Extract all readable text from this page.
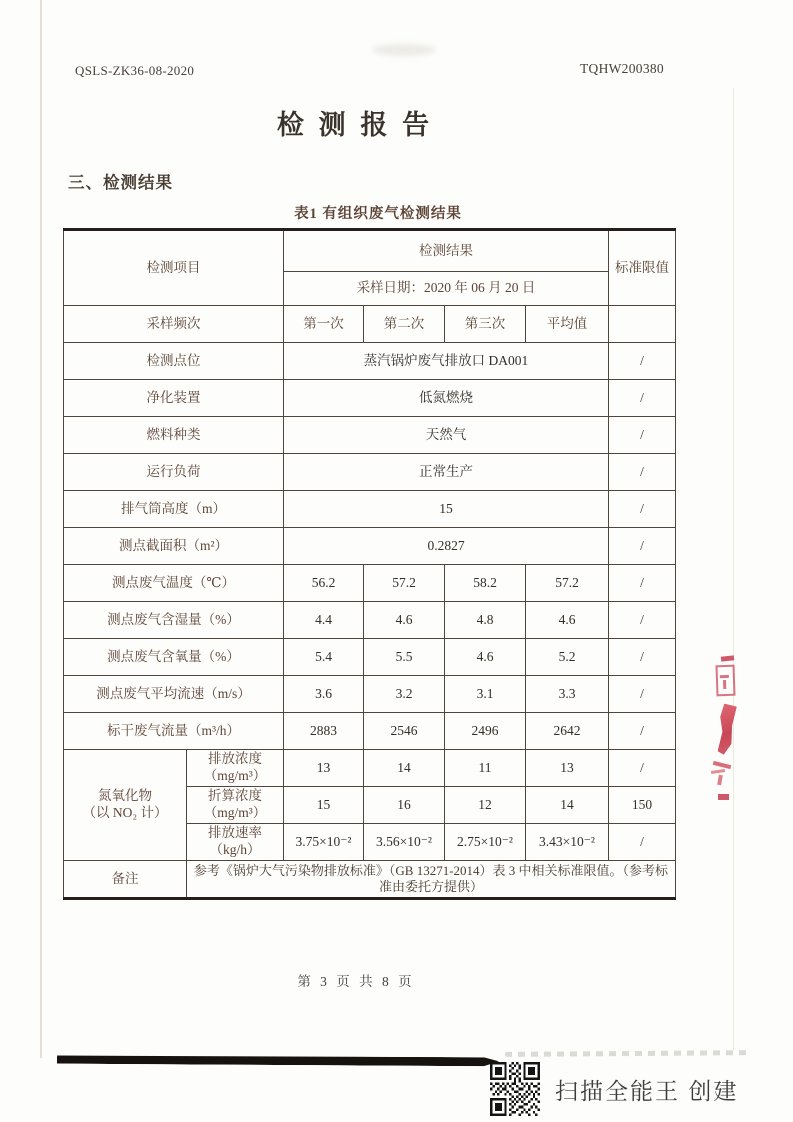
QSLS-ZK36-08-2020	TQHW200380
检 测 报 告
三、检测结果
表1 有组织废气检测结果
检测项目		检测结果				标准限值
		采样日期：2020 年 06 月 20 日				
采样频次		第一次	第二次	第三次	平均值	
检测点位		蒸汽锅炉废气排放口 DA001				/
净化装置		低氮燃烧				/
燃料种类		天然气				/
运行负荷		正常生产				/
排气筒高度（m）		15				/
测点截面积（m²）		0.2827				/
测点废气温度（℃）		56.2	57.2	58.2	57.2	/
测点废气含湿量（%）		4.4	4.6	4.8	4.6	/
测点废气含氧量（%）		5.4	5.5	4.6	5.2	/
测点废气平均流速（m/s）		3.6	3.2	3.1	3.3	/
标干废气流量（m³/h）		2883	2546	2496	2642	/

氮氧化物
（以 NO₂ 计）	排放浓度（mg/m³）	13	14	11	13	/
	折算浓度（mg/m³）	15	16	12	14	150
	排放速率（kg/h）	3.75×10⁻²	3.56×10⁻²	2.75×10⁻²	3.43×10⁻²	/
备注	参考《锅炉大气污染物排放标准》（GB 13271-2014）表 3 中相关标准限值。（参考标准由委托方提供）					
第 3 页 共 8 页
扫描全能王 创建
